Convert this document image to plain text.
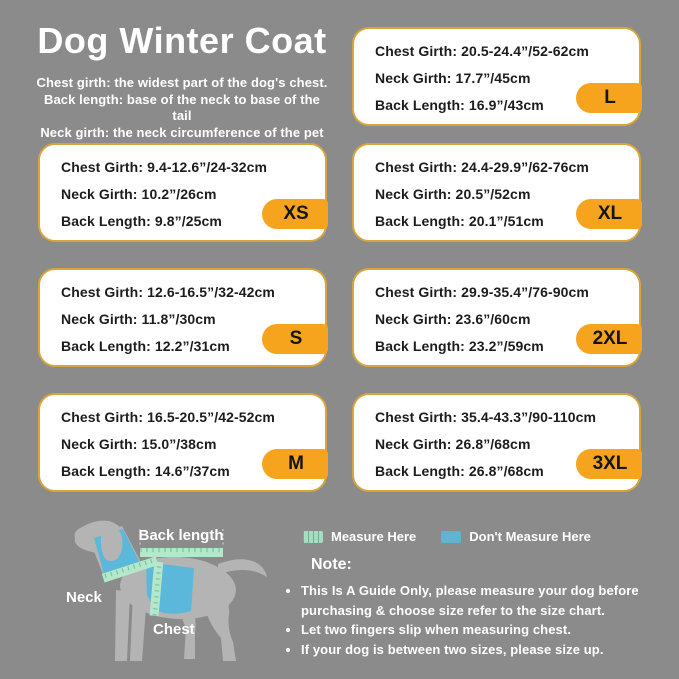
Dog Winter Coat
Chest girth: the widest part of the dog's chest.
Back length: base of the neck to base of the tail
Neck girth: the neck circumference of the pet
Chest Girth: 9.4-12.6”/24-32cm
Neck Girth: 10.2”/26cm
Back Length: 9.8”/25cm	XS
Chest Girth: 12.6-16.5”/32-42cm
Neck Girth: 11.8”/30cm
Back Length: 12.2”/31cm	S
Chest Girth: 16.5-20.5”/42-52cm
Neck Girth: 15.0”/38cm
Back Length: 14.6”/37cm	M
Chest Girth: 20.5-24.4”/52-62cm
Neck Girth: 17.7”/45cm
Back Length: 16.9”/43cm	L
Chest Girth: 24.4-29.9”/62-76cm
Neck Girth: 20.5”/52cm
Back Length: 20.1”/51cm	XL
Chest Girth: 29.9-35.4”/76-90cm
Neck Girth: 23.6”/60cm
Back Length: 23.2”/59cm	2XL
Chest Girth: 35.4-43.3”/90-110cm
Neck Girth: 26.8”/68cm
Back Length: 26.8”/68cm	3XL
Back length
Neck
Chest
Measure Here	Don't Measure Here
Note:
• This Is A Guide Only, please measure your dog before purchasing & choose size refer to the size chart.
• Let two fingers slip when measuring chest.
• If your dog is between two sizes, please size up.
